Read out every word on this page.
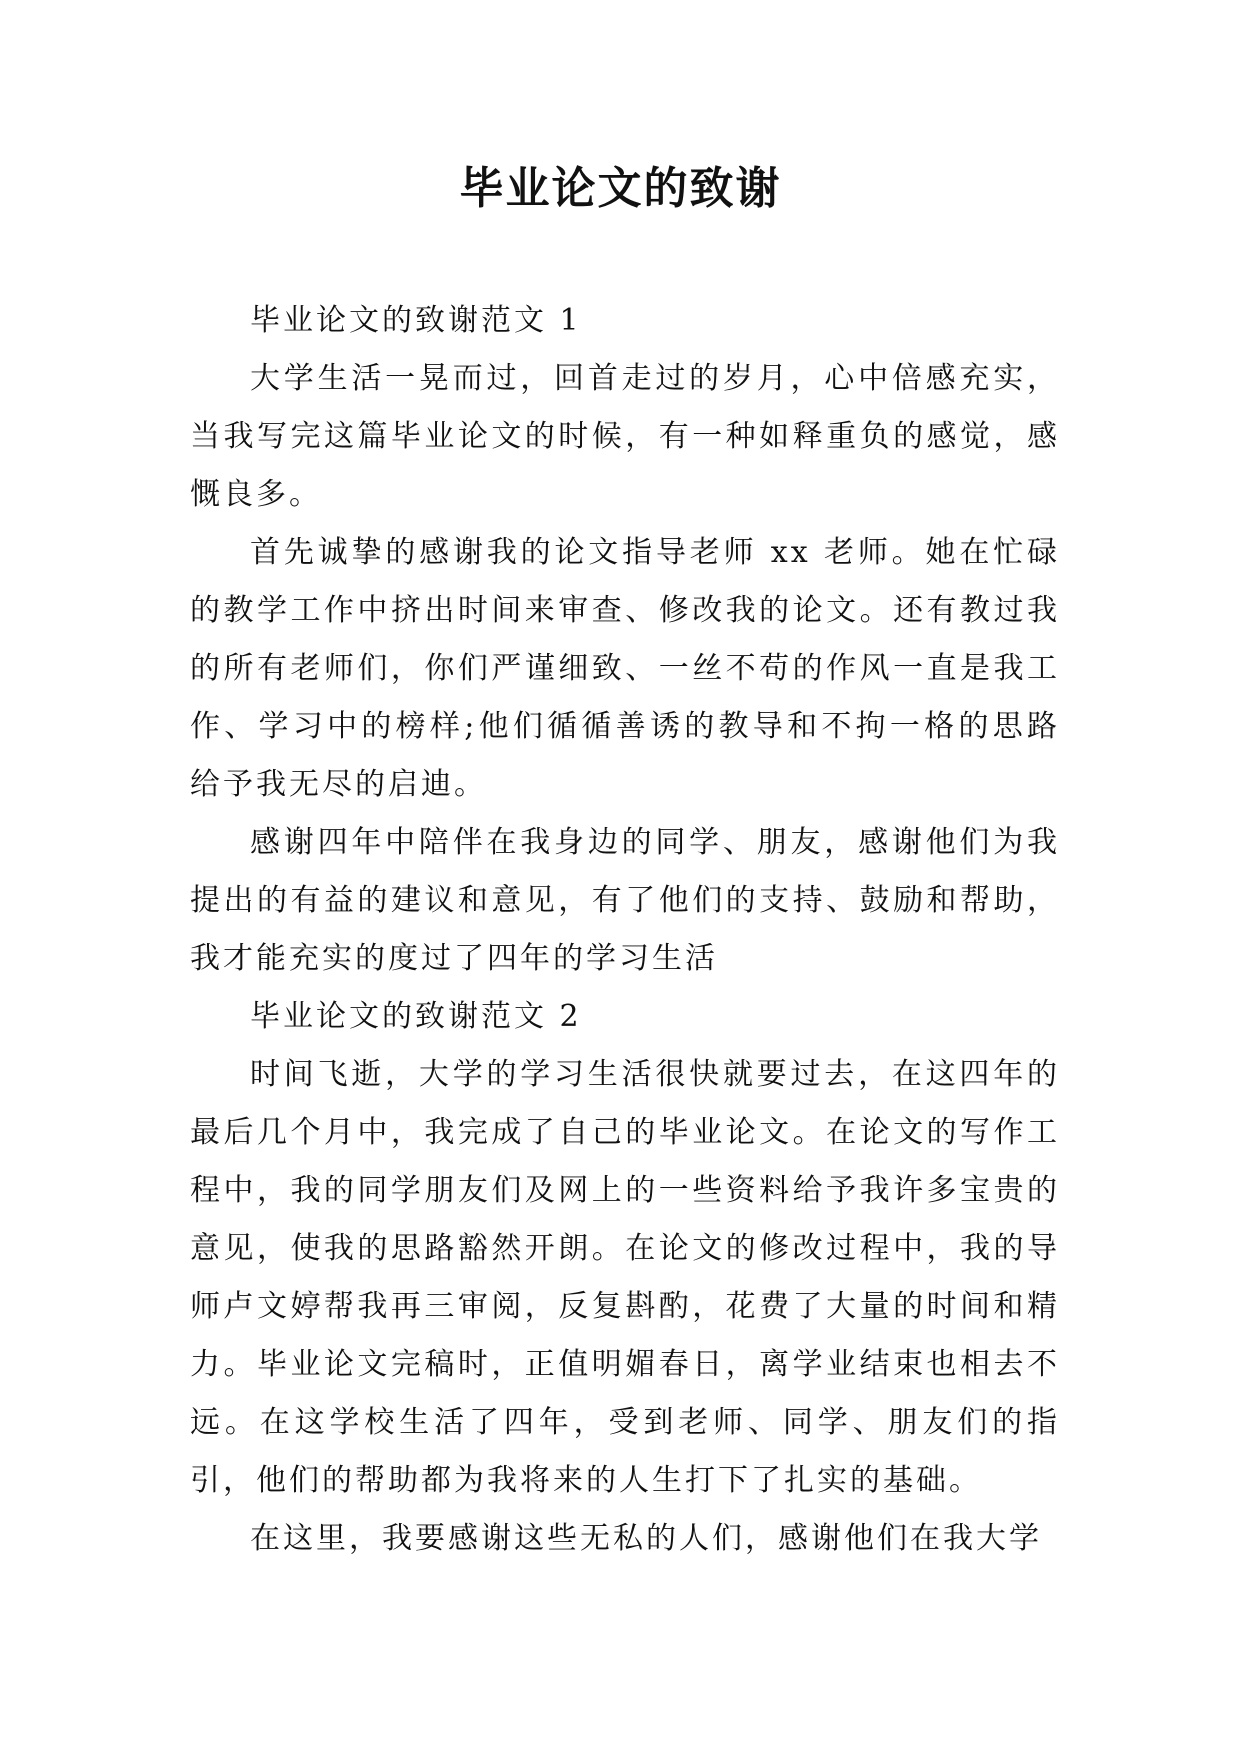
毕业论文的致谢

毕业论文的致谢范文 1

大学生活一晃而过，回首走过的岁月，心中倍感充实，当我写完这篇毕业论文的时候，有一种如释重负的感觉，感慨良多。

首先诚挚的感谢我的论文指导老师 xx 老师。她在忙碌的教学工作中挤出时间来审查、修改我的论文。还有教过我的所有老师们，你们严谨细致、一丝不苟的作风一直是我工作、学习中的榜样;他们循循善诱的教导和不拘一格的思路给予我无尽的启迪。

感谢四年中陪伴在我身边的同学、朋友，感谢他们为我提出的有益的建议和意见，有了他们的支持、鼓励和帮助，我才能充实的度过了四年的学习生活

毕业论文的致谢范文 2

时间飞逝，大学的学习生活很快就要过去，在这四年的最后几个月中，我完成了自己的毕业论文。在论文的写作工程中，我的同学朋友们及网上的一些资料给予我许多宝贵的意见，使我的思路豁然开朗。在论文的修改过程中，我的导师卢文婷帮我再三审阅，反复斟酌，花费了大量的时间和精力。毕业论文完稿时，正值明媚春日，离学业结束也相去不远。在这学校生活了四年，受到老师、同学、朋友们的指引，他们的帮助都为我将来的人生打下了扎实的基础。

在这里，我要感谢这些无私的人们，感谢他们在我大学
